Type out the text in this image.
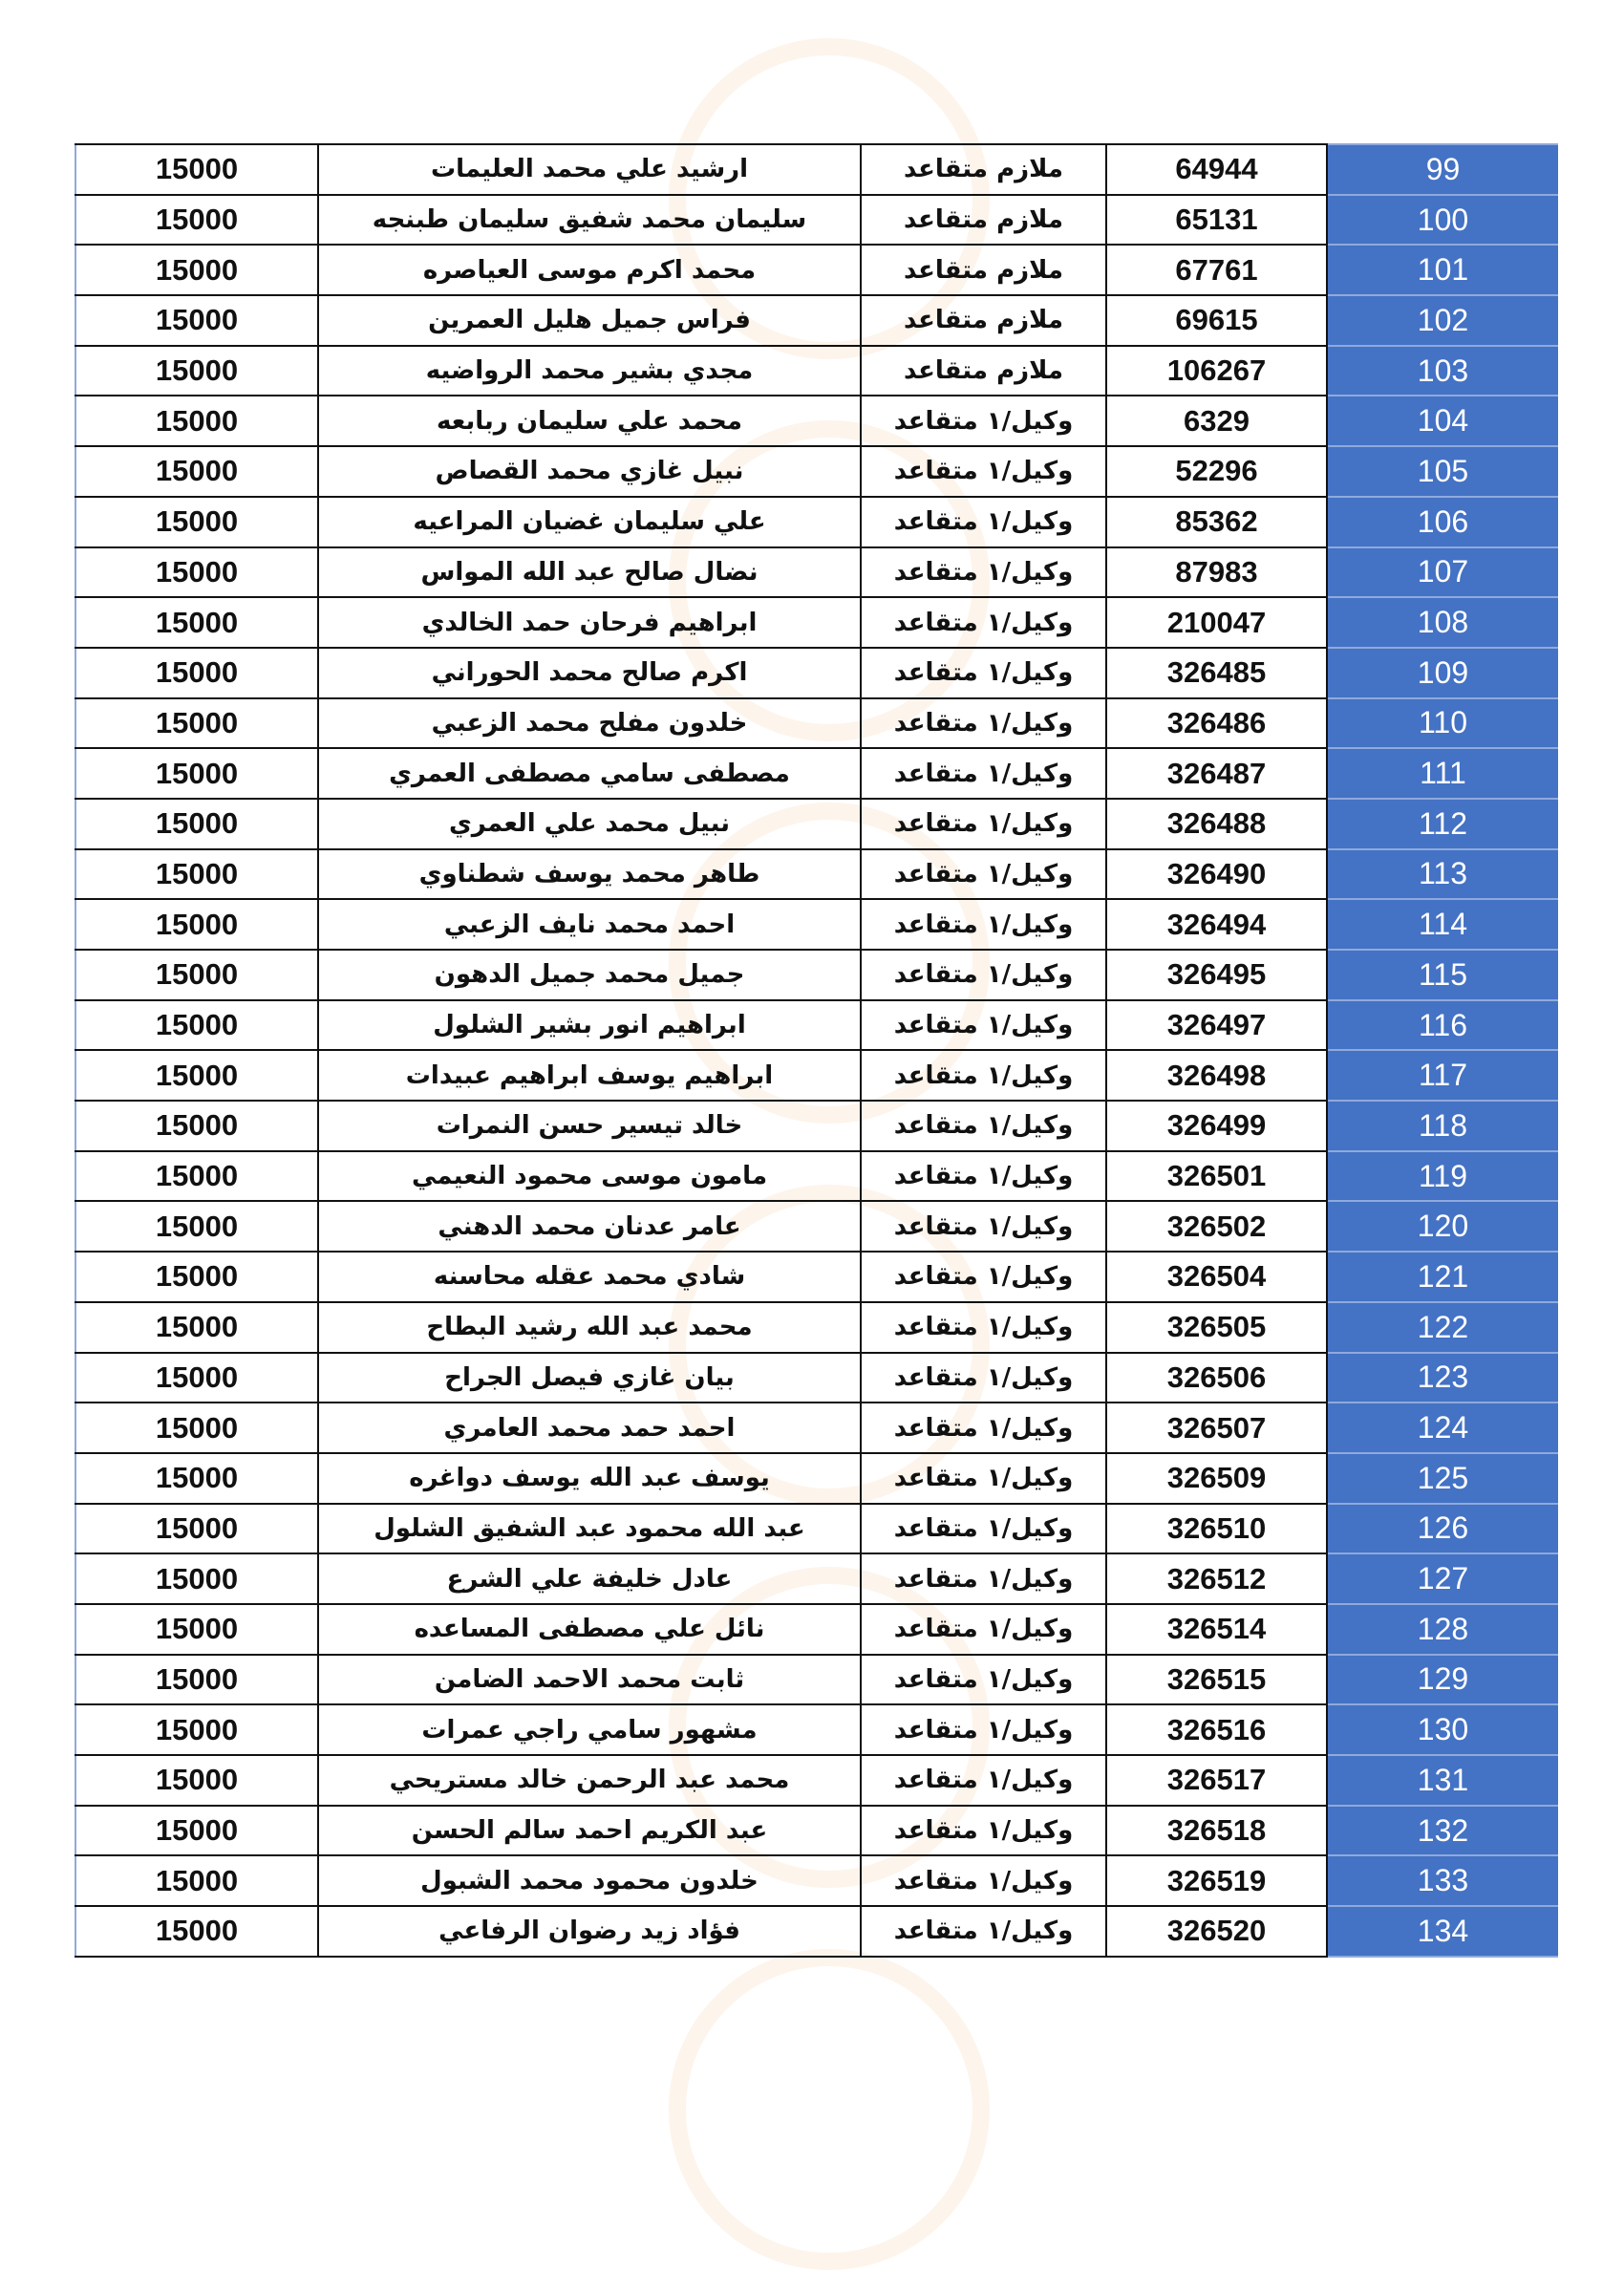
15000	ارشيد علي محمد العليمات	ملازم متقاعد	64944	99
15000	سليمان محمد شفيق سليمان طبنجه	ملازم متقاعد	65131	100
15000	محمد اكرم موسى العياصره	ملازم متقاعد	67761	101
15000	فراس جميل هليل العمرين	ملازم متقاعد	69615	102
15000	مجدي بشير محمد الرواضيه	ملازم متقاعد	106267	103
15000	محمد علي سليمان ربابعه	وكيل/١ متقاعد	6329	104
15000	نبيل غازي محمد القصاص	وكيل/١ متقاعد	52296	105
15000	علي سليمان غضيان المراعيه	وكيل/١ متقاعد	85362	106
15000	نضال صالح عبد الله المواس	وكيل/١ متقاعد	87983	107
15000	ابراهيم فرحان حمد الخالدي	وكيل/١ متقاعد	210047	108
15000	اكرم صالح محمد الحوراني	وكيل/١ متقاعد	326485	109
15000	خلدون مفلح محمد الزعبي	وكيل/١ متقاعد	326486	110
15000	مصطفى سامي مصطفى العمري	وكيل/١ متقاعد	326487	111
15000	نبيل محمد علي العمري	وكيل/١ متقاعد	326488	112
15000	طاهر محمد يوسف شطناوي	وكيل/١ متقاعد	326490	113
15000	احمد محمد نايف الزعبي	وكيل/١ متقاعد	326494	114
15000	جميل محمد جميل الدهون	وكيل/١ متقاعد	326495	115
15000	ابراهيم انور بشير الشلول	وكيل/١ متقاعد	326497	116
15000	ابراهيم يوسف ابراهيم عبيدات	وكيل/١ متقاعد	326498	117
15000	خالد تيسير حسن النمرات	وكيل/١ متقاعد	326499	118
15000	مامون موسى محمود النعيمي	وكيل/١ متقاعد	326501	119
15000	عامر عدنان محمد الدهني	وكيل/١ متقاعد	326502	120
15000	شادي محمد عقله محاسنه	وكيل/١ متقاعد	326504	121
15000	محمد عبد الله رشيد البطاح	وكيل/١ متقاعد	326505	122
15000	بيان غازي فيصل الجراح	وكيل/١ متقاعد	326506	123
15000	احمد حمد محمد العامري	وكيل/١ متقاعد	326507	124
15000	يوسف عبد الله يوسف دواغره	وكيل/١ متقاعد	326509	125
15000	عبد الله محمود عبد الشفيق الشلول	وكيل/١ متقاعد	326510	126
15000	عادل خليفة علي الشرع	وكيل/١ متقاعد	326512	127
15000	نائل علي مصطفى المساعده	وكيل/١ متقاعد	326514	128
15000	ثابت محمد الاحمد الضامن	وكيل/١ متقاعد	326515	129
15000	مشهور سامي راجي عمرات	وكيل/١ متقاعد	326516	130
15000	محمد عبد الرحمن خالد مستريحي	وكيل/١ متقاعد	326517	131
15000	عبد الكريم احمد سالم الحسن	وكيل/١ متقاعد	326518	132
15000	خلدون محمود محمد الشبول	وكيل/١ متقاعد	326519	133
15000	فؤاد زيد رضوان الرفاعي	وكيل/١ متقاعد	326520	134
